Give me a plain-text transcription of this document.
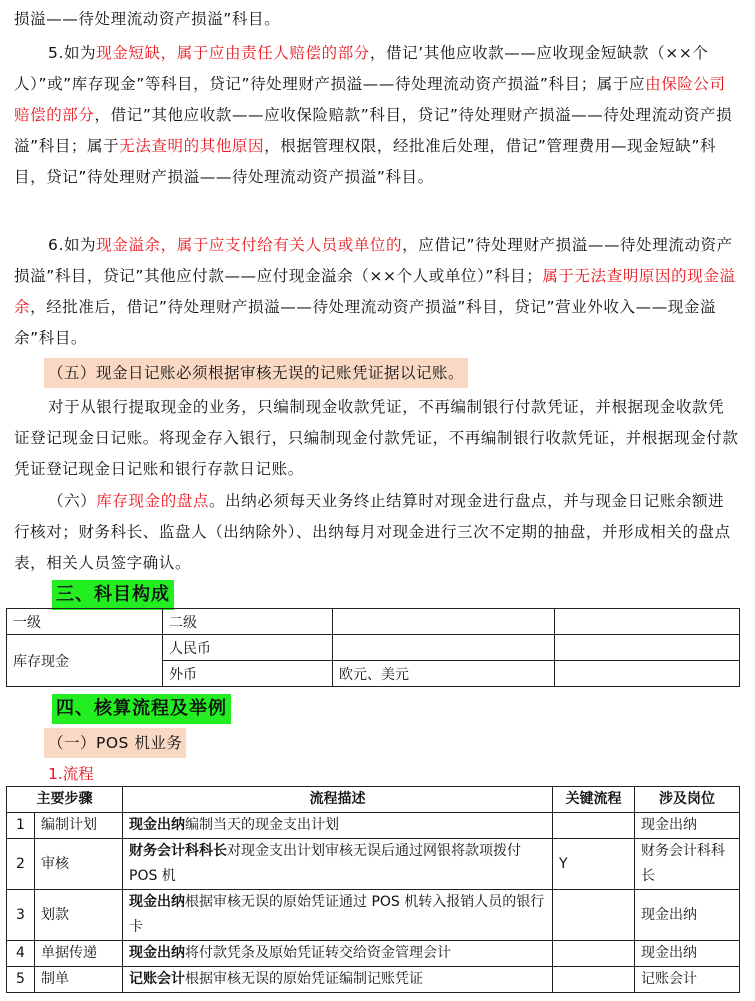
损溢——待处理流动资产损溢”科目。

5.如为现金短缺，属于应由责任人赔偿的部分，借记’其他应收款——应收现金短缺款（××个人）”或”库存现金”等科目，贷记”待处理财产损溢——待处理流动资产损溢”科目；属于应由保险公司赔偿的部分，借记”其他应收款——应收保险赔款”科目，贷记”待处理财产损溢——待处理流动资产损溢”科目；属于无法查明的其他原因，根据管理权限，经批准后处理，借记”管理费用—现金短缺”科目，贷记”待处理财产损溢——待处理流动资产损溢”科目。

6.如为现金溢余，属于应支付给有关人员或单位的，应借记”待处理财产损溢——待处理流动资产损溢”科目，贷记”其他应付款——应付现金溢余（××个人或单位）”科目；属于无法查明原因的现金溢余，经批准后，借记”待处理财产损溢——待处理流动资产损溢”科目，贷记”营业外收入——现金溢余”科目。

（五）现金日记账必须根据审核无误的记账凭证据以记账。

对于从银行提取现金的业务，只编制现金收款凭证，不再编制银行付款凭证，并根据现金收款凭证登记现金日记账。将现金存入银行，只编制现金付款凭证，不再编制银行收款凭证，并根据现金付款凭证登记现金日记账和银行存款日记账。

（六）库存现金的盘点。出纳必须每天业务终止结算时对现金进行盘点，并与现金日记账余额进行核对；财务科长、监盘人（出纳除外）、出纳每月对现金进行三次不定期的抽盘，并形成相关的盘点表，相关人员签字确认。

三、科目构成
一级	二级		
库存现金	人民币		
	外币	欧元、美元	
四、核算流程及举例
（一）POS 机业务
1.流程
主要步骤		流程描述	关键流程	涉及岗位
1	编制计划	现金出纳编制当天的现金支出计划		现金出纳
2	审核	财务会计科科长对现金支出计划审核无误后通过网银将款项拨付 POS 机	Y	财务会计科科长
3	划款	现金出纳根据审核无误的原始凭证通过 POS 机转入报销人员的银行卡		现金出纳
4	单据传递	现金出纳将付款凭条及原始凭证转交给资金管理会计		现金出纳
5	制单	记账会计根据审核无误的原始凭证编制记账凭证		记账会计
